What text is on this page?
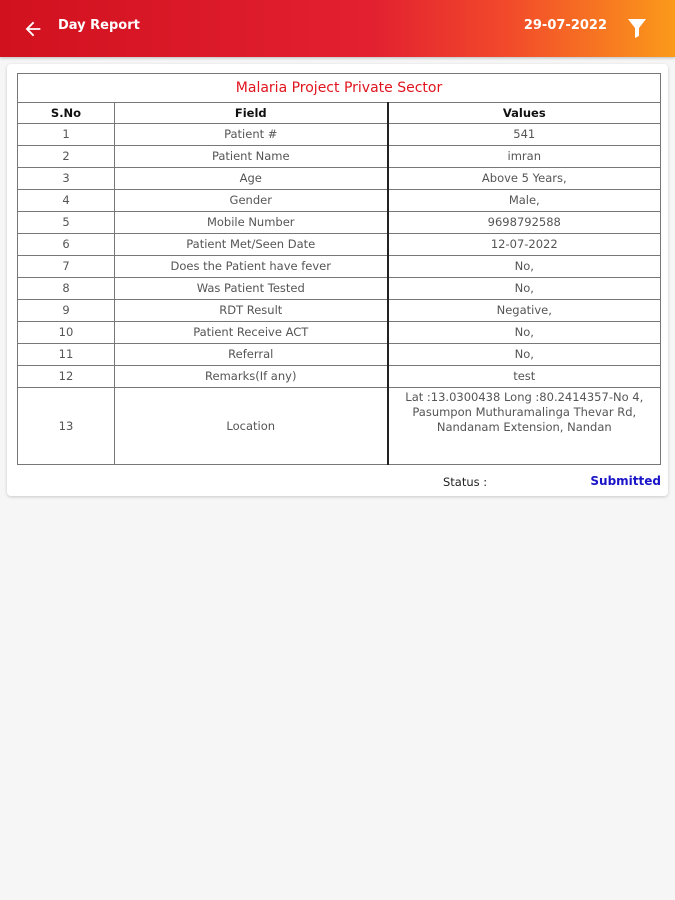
Day Report	29-07-2022
Malaria Project Private Sector		
S.No	Field	Values
1	Patient #	541
2	Patient Name	imran
3	Age	Above 5 Years,
4	Gender	Male,
5	Mobile Number	9698792588
6	Patient Met/Seen Date	12-07-2022
7	Does the Patient have fever	No,
8	Was Patient Tested	No,
9	RDT Result	Negative,
10	Patient Receive ACT	No,
11	Referral	No,
12	Remarks(If any)	test
13	Location	Lat :13.0300438 Long :80.2414357-No 4, Pasumpon Muthuramalinga Thevar Rd, Nandanam Extension, Nandan
Status :	Submitted
